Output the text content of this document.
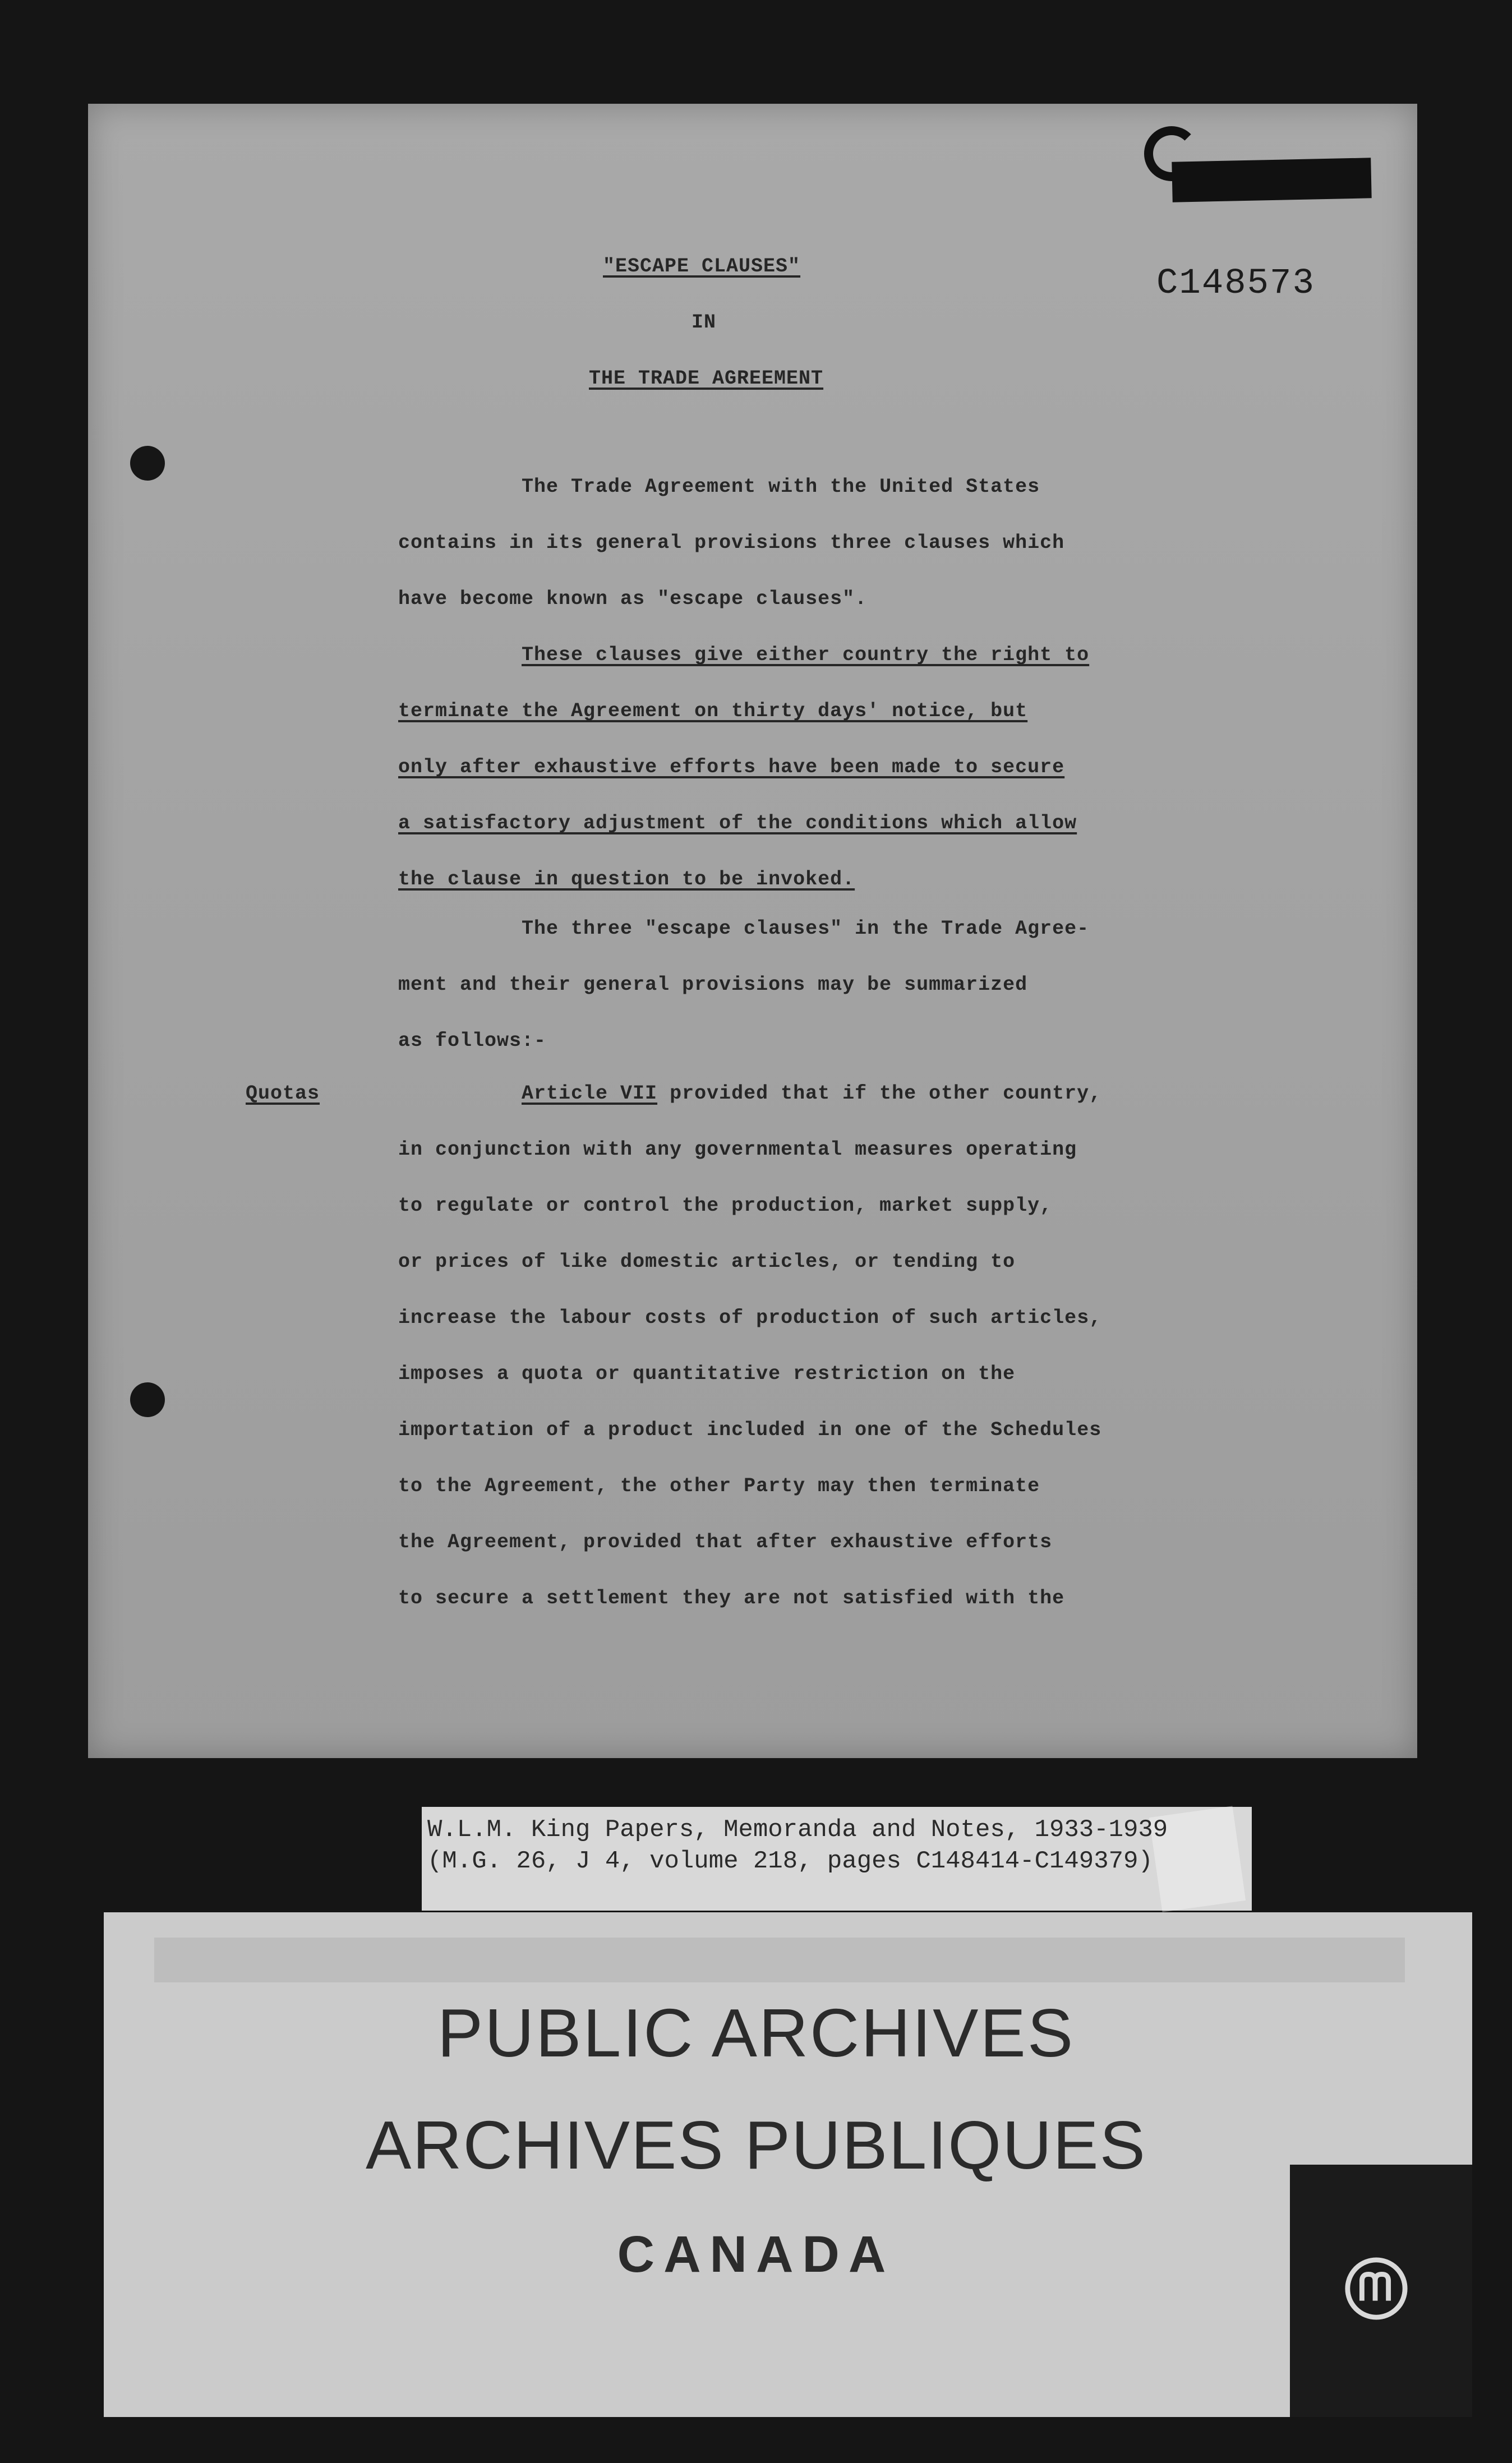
C148573

"ESCAPE CLAUSES"

IN

THE TRADE AGREEMENT

The Trade Agreement with the United States

contains in its general provisions three clauses which

have become known as "escape clauses".

These clauses give either country the right to

terminate the Agreement on thirty days' notice, but

only after exhaustive efforts have been made to secure

a satisfactory adjustment of the conditions which allow

the clause in question to be invoked.

The three "escape clauses" in the Trade Agree-

ment and their general provisions may be summarized

as follows:-

Quotas	Article VII provided that if the other country,

in conjunction with any governmental measures operating

to regulate or control the production, market supply,

or prices of like domestic articles, or tending to

increase the labour costs of production of such articles,

imposes a quota or quantitative restriction on the

importation of a product included in one of the Schedules

to the Agreement, the other Party may then terminate

the Agreement, provided that after exhaustive efforts

to secure a settlement they are not satisfied with the

W.L.M. King Papers, Memoranda and Notes, 1933-1939

(M.G. 26, J 4, volume 218, pages C148414-C149379)

PUBLIC ARCHIVES

ARCHIVES PUBLIQUES

CANADA
